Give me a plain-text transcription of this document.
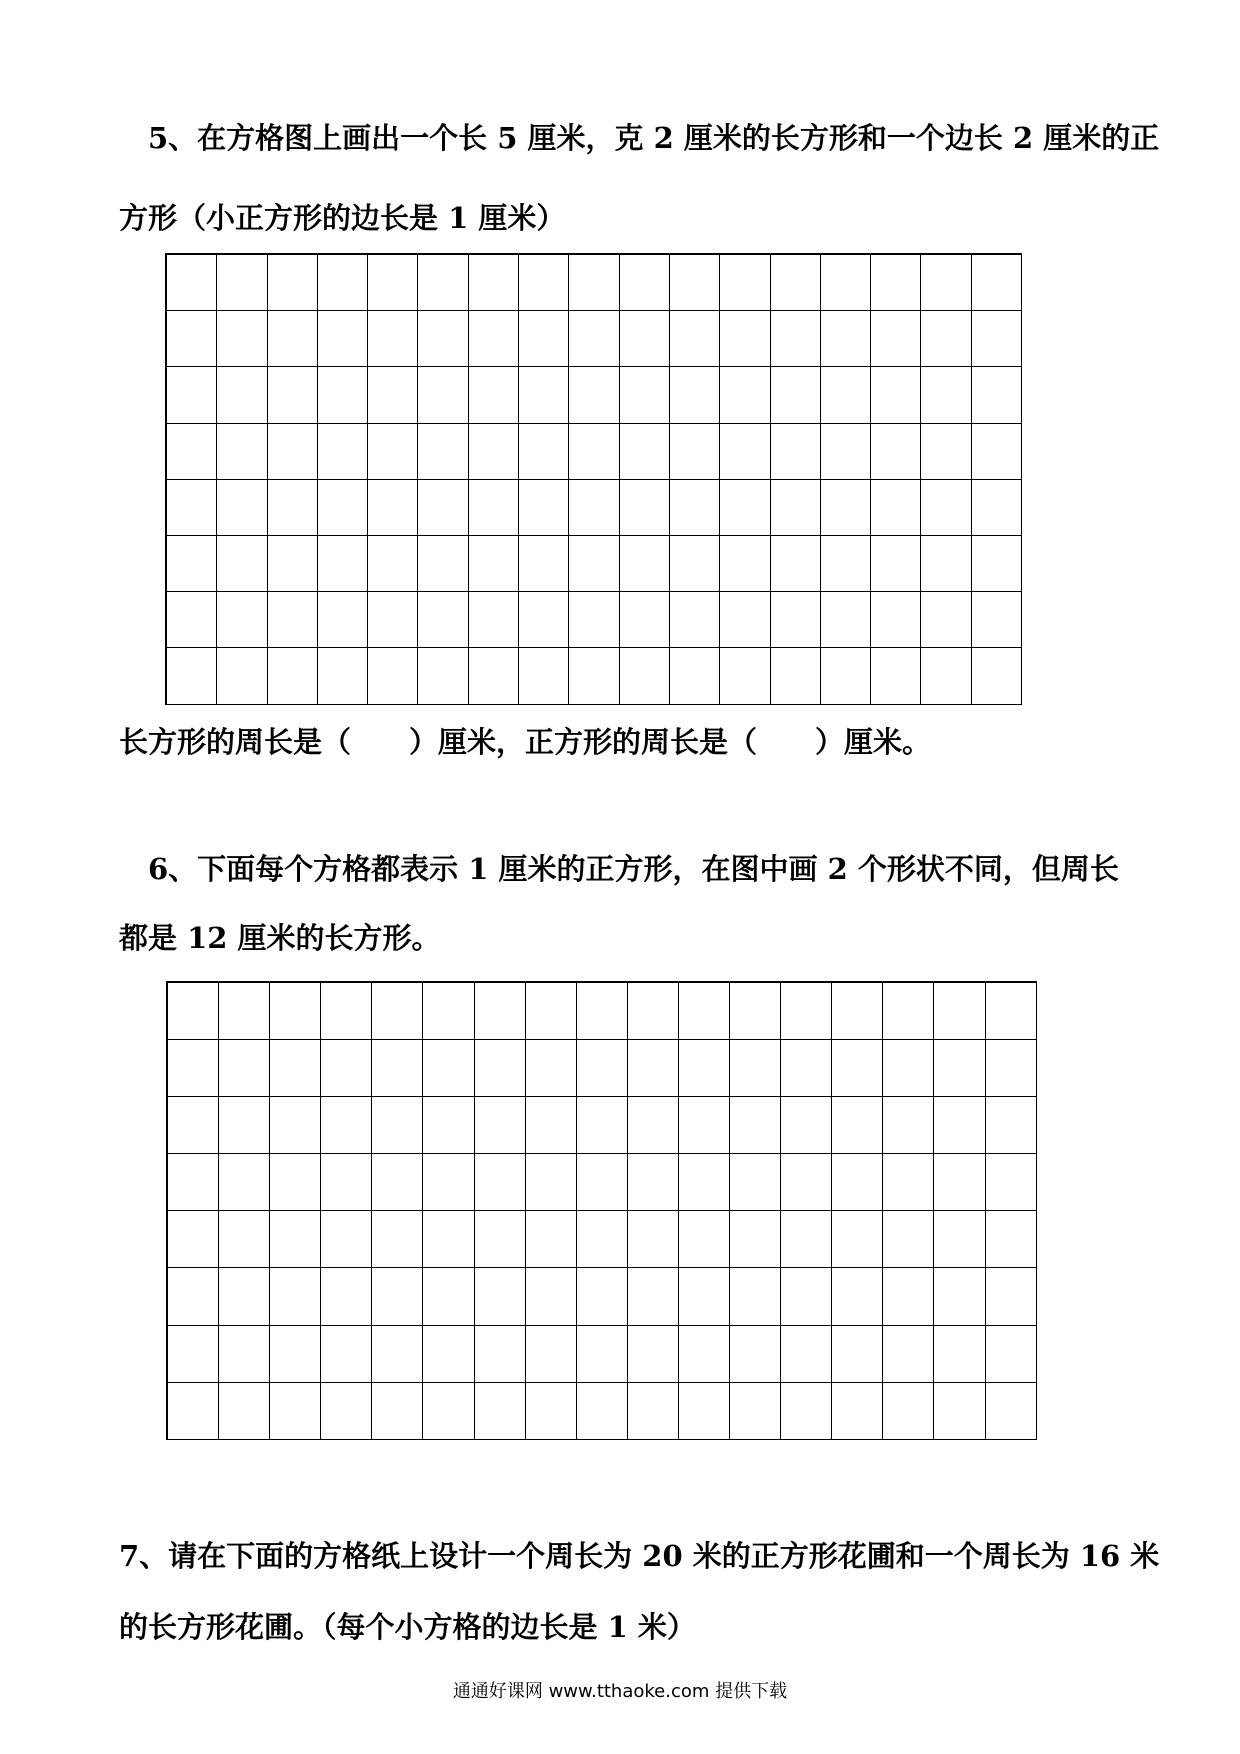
5、在方格图上画出一个长 5 厘米，克 2 厘米的长方形和一个边长 2 厘米的正

方形（小正方形的边长是 1 厘米）

长方形的周长是（　　）厘米，正方形的周长是（　　）厘米。

6、下面每个方格都表示 1 厘米的正方形，在图中画 2 个形状不同，但周长

都是 12 厘米的长方形。

7、请在下面的方格纸上设计一个周长为 20 米的正方形花圃和一个周长为 16 米

的长方形花圃。（每个小方格的边长是 1 米）

通通好课网 www.tthaoke.com 提供下载
